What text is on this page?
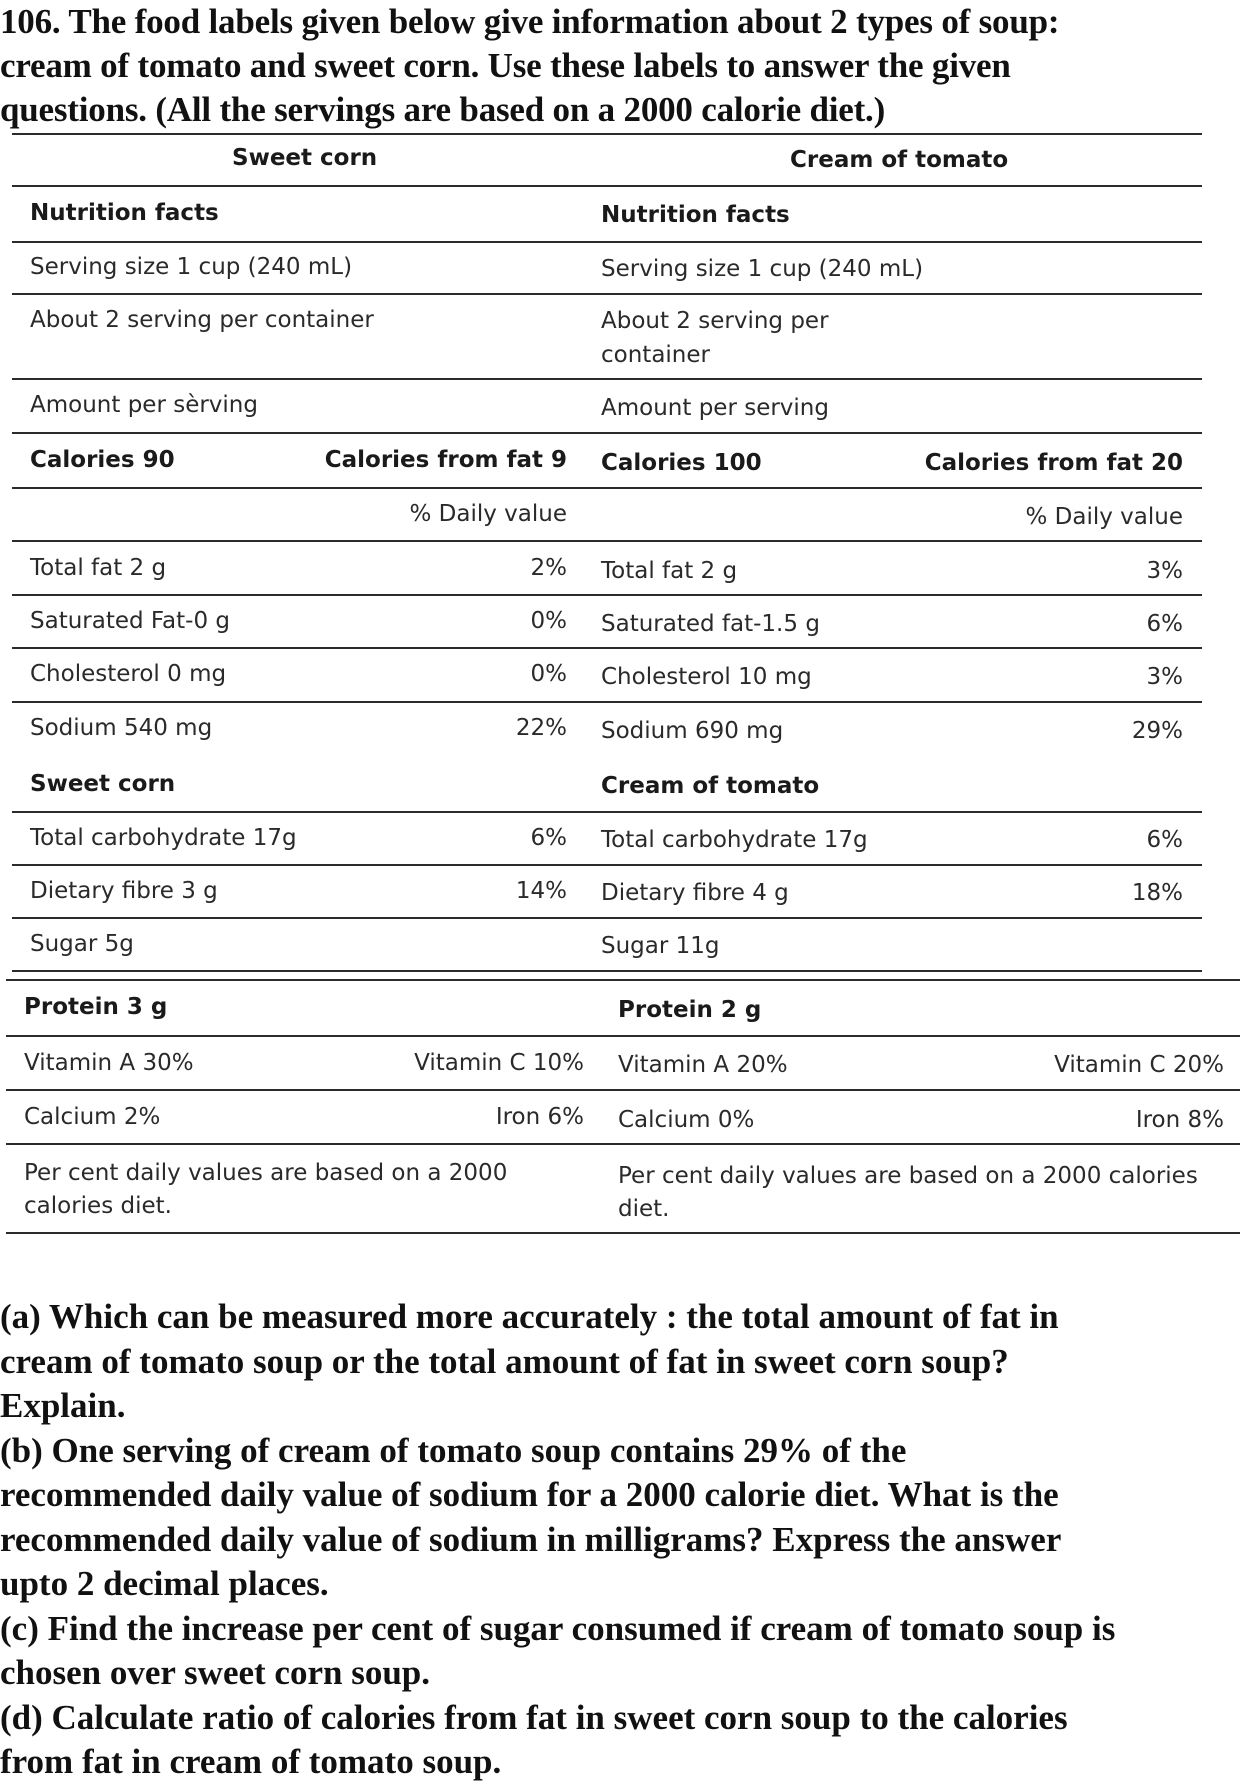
106. The food labels given below give information about 2 types of soup:
cream of tomato and sweet corn. Use these labels to answer the given
questions. (All the servings are based on a 2000 calorie diet.)
Sweet corn
Nutrition facts
Serving size 1 cup (240 mL)
About 2 serving per container
Amount per sèrving
Calories 90	Calories from fat 9
% Daily value
Total fat 2 g	2%
Saturated Fat-0 g	0%
Cholesterol 0 mg	0%
Sodium 540 mg	22%
Sweet corn
Total carbohydrate 17g	6%
Dietary fibre 3 g	14%
Sugar 5g
Protein 3 g
Vitamin A 30%	Vitamin C 10%
Calcium 2%	Iron 6%
Per cent daily values are based on a 2000
calories diet.
Cream of tomato
Nutrition facts
Serving size 1 cup (240 mL)
About 2 serving per
container
Amount per serving
Calories 100	Calories from fat 20
% Daily value
Total fat 2 g	3%
Saturated fat-1.5 g	6%
Cholesterol 10 mg	3%
Sodium 690 mg	29%
Cream of tomato
Total carbohydrate 17g	6%
Dietary fibre 4 g	18%
Sugar 11g
Protein 2 g
Vitamin A 20%	Vitamin C 20%
Calcium 0%	Iron 8%
Per cent daily values are based on a 2000 calories
diet.
(a) Which can be measured more accurately : the total amount of fat in
cream of tomato soup or the total amount of fat in sweet corn soup?
Explain.
(b) One serving of cream of tomato soup contains 29% of the
recommended daily value of sodium for a 2000 calorie diet. What is the
recommended daily value of sodium in milligrams? Express the answer
upto 2 decimal places.
(c) Find the increase per cent of sugar consumed if cream of tomato soup is
chosen over sweet corn soup.
(d) Calculate ratio of calories from fat in sweet corn soup to the calories
from fat in cream of tomato soup.
